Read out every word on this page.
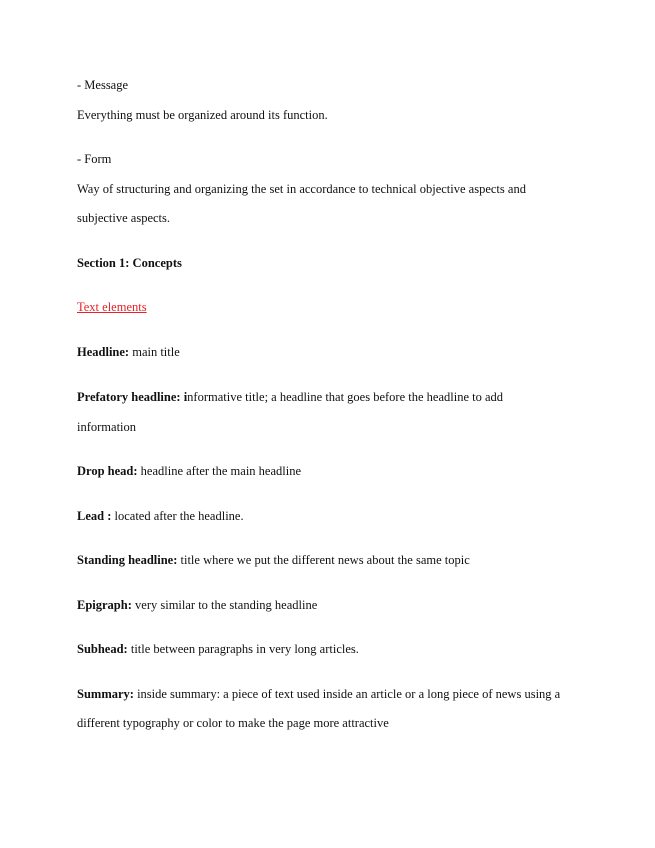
- Message
Everything must be organized around its function.
- Form
Way of structuring and organizing the set in accordance to technical objective aspects and
subjective aspects.
Section 1: Concepts
Text elements
Headline: main title
Prefatory headline: informative title; a headline that goes before the headline to add
information
Drop head: headline after the main headline
Lead : located after the headline.
Standing headline: title where we put the different news about the same topic
Epigraph: very similar to the standing headline
Subhead: title between paragraphs in very long articles.
Summary: inside summary: a piece of text used inside an article or a long piece of news using a
different typography or color to make the page more attractive
